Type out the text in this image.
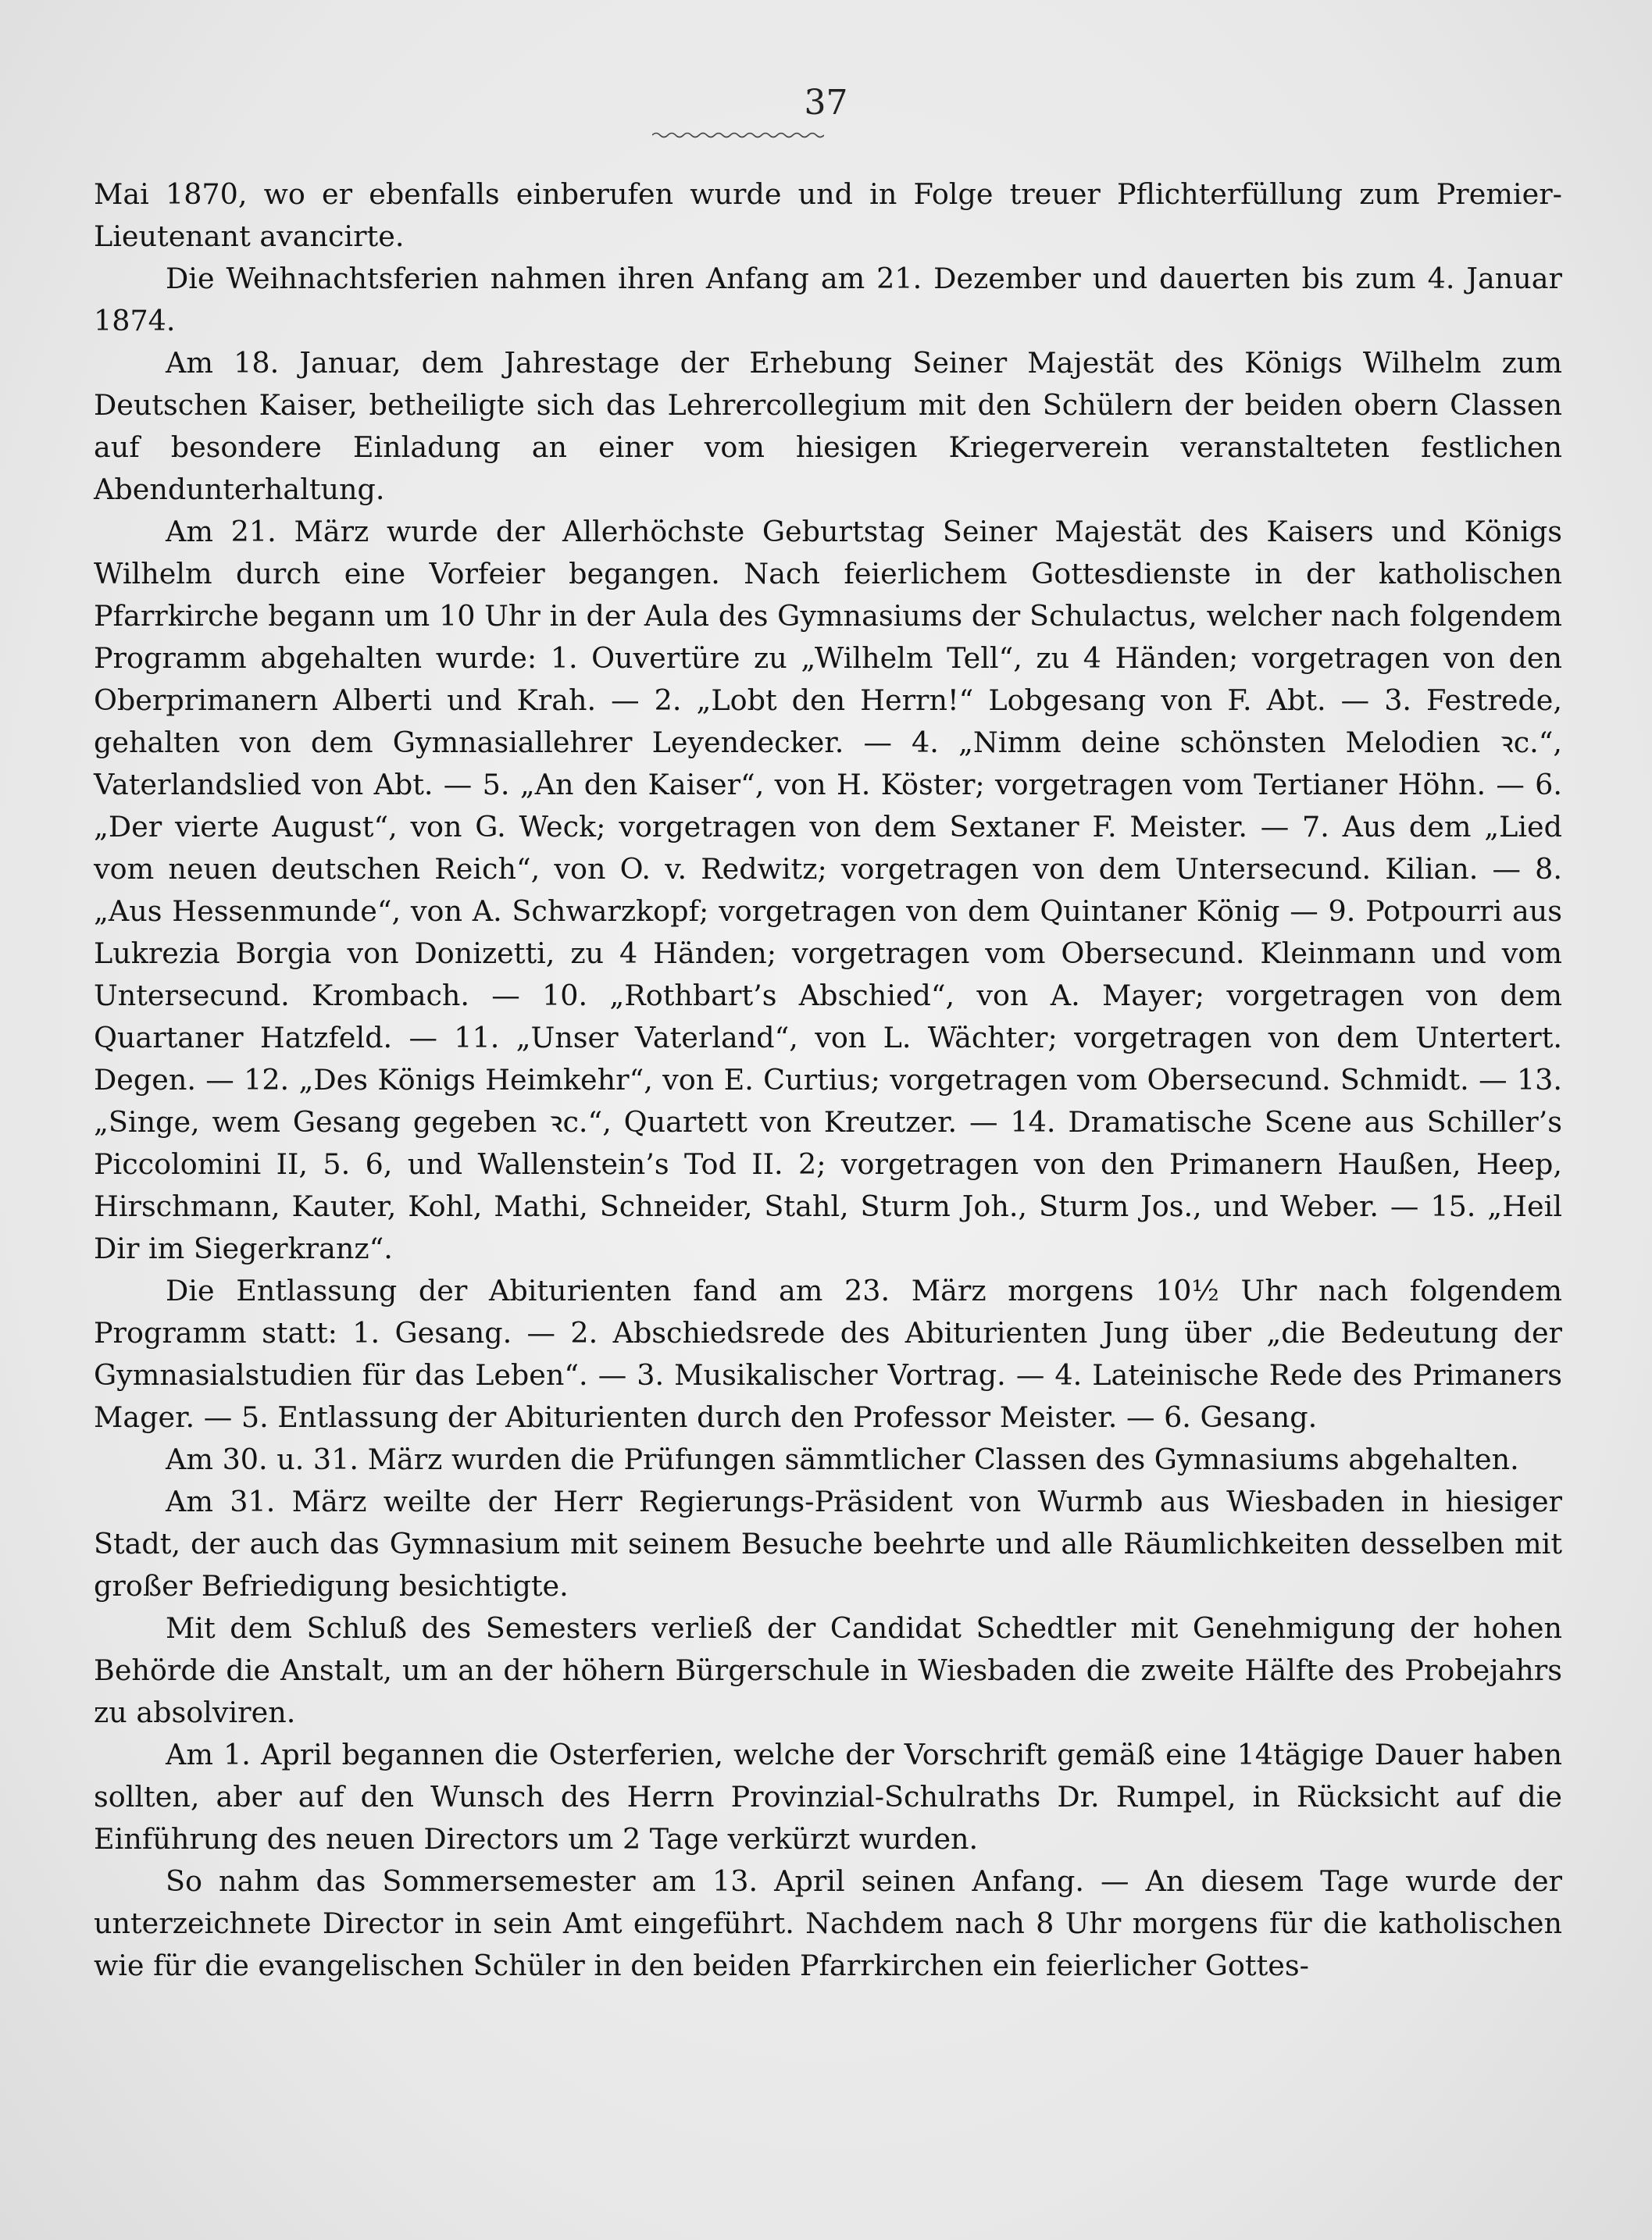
37

Mai 1870, wo er ebenfalls einberufen wurde und in Folge treuer Pflichterfüllung zum Premier-Lieutenant avancirte.

Die Weihnachtsferien nahmen ihren Anfang am 21. Dezember und dauerten bis zum 4. Januar 1874.

Am 18. Januar, dem Jahrestage der Erhebung Seiner Majestät des Königs Wilhelm zum Deutschen Kaiser, betheiligte sich das Lehrercollegium mit den Schülern der beiden obern Classen auf besondere Einladung an einer vom hiesigen Kriegerverein veranstalteten festlichen Abendunterhaltung.

Am 21. März wurde der Allerhöchste Geburtstag Seiner Majestät des Kaisers und Königs Wilhelm durch eine Vorfeier begangen. Nach feierlichem Gottesdienste in der katholischen Pfarrkirche begann um 10 Uhr in der Aula des Gymnasiums der Schulactus, welcher nach folgendem Programm abgehalten wurde: 1. Ouvertüre zu „Wilhelm Tell“, zu 4 Händen; vorgetragen von den Oberprimanern Alberti und Krah. — 2. „Lobt den Herrn!“ Lobgesang von F. Abt. — 3. Festrede, gehalten von dem Gymnasiallehrer Leyendecker. — 4. „Nimm deine schönsten Melodien ꝛc.“, Vaterlandslied von Abt. — 5. „An den Kaiser“, von H. Köster; vorgetragen vom Tertianer Höhn. — 6. „Der vierte August“, von G. Weck; vorgetragen von dem Sextaner F. Meister. — 7. Aus dem „Lied vom neuen deutschen Reich“, von O. v. Redwitz; vorgetragen von dem Untersecund. Kilian. — 8. „Aus Hessenmunde“, von A. Schwarzkopf; vorgetragen von dem Quintaner König — 9. Potpourri aus Lukrezia Borgia von Donizetti, zu 4 Händen; vorgetragen vom Obersecund. Kleinmann und vom Untersecund. Krombach. — 10. „Rothbart’s Abschied“, von A. Mayer; vorgetragen von dem Quartaner Hatzfeld. — 11. „Unser Vaterland“, von L. Wächter; vorgetragen von dem Untertert. Degen. — 12. „Des Königs Heimkehr“, von E. Curtius; vorgetragen vom Obersecund. Schmidt. — 13. „Singe, wem Gesang gegeben ꝛc.“, Quartett von Kreutzer. — 14. Dramatische Scene aus Schiller’s Piccolomini II, 5. 6, und Wallenstein’s Tod II. 2; vorgetragen von den Primanern Haußen, Heep, Hirschmann, Kauter, Kohl, Mathi, Schneider, Stahl, Sturm Joh., Sturm Jos., und Weber. — 15. „Heil Dir im Siegerkranz“.

Die Entlassung der Abiturienten fand am 23. März morgens 10½ Uhr nach folgendem Programm statt: 1. Gesang. — 2. Abschiedsrede des Abiturienten Jung über „die Bedeutung der Gymnasialstudien für das Leben“. — 3. Musikalischer Vortrag. — 4. Lateinische Rede des Primaners Mager. — 5. Entlassung der Abiturienten durch den Professor Meister. — 6. Gesang.

Am 30. u. 31. März wurden die Prüfungen sämmtlicher Classen des Gymnasiums abgehalten.

Am 31. März weilte der Herr Regierungs-Präsident von Wurmb aus Wiesbaden in hiesiger Stadt, der auch das Gymnasium mit seinem Besuche beehrte und alle Räumlichkeiten desselben mit großer Befriedigung besichtigte.

Mit dem Schluß des Semesters verließ der Candidat Schedtler mit Genehmigung der hohen Behörde die Anstalt, um an der höhern Bürgerschule in Wiesbaden die zweite Hälfte des Probejahrs zu absolviren.

Am 1. April begannen die Osterferien, welche der Vorschrift gemäß eine 14tägige Dauer haben sollten, aber auf den Wunsch des Herrn Provinzial-Schulraths Dr. Rumpel, in Rücksicht auf die Einführung des neuen Directors um 2 Tage verkürzt wurden.

So nahm das Sommersemester am 13. April seinen Anfang. — An diesem Tage wurde der unterzeichnete Director in sein Amt eingeführt. Nachdem nach 8 Uhr morgens für die katholischen wie für die evangelischen Schüler in den beiden Pfarrkirchen ein feierlicher Gottes-
